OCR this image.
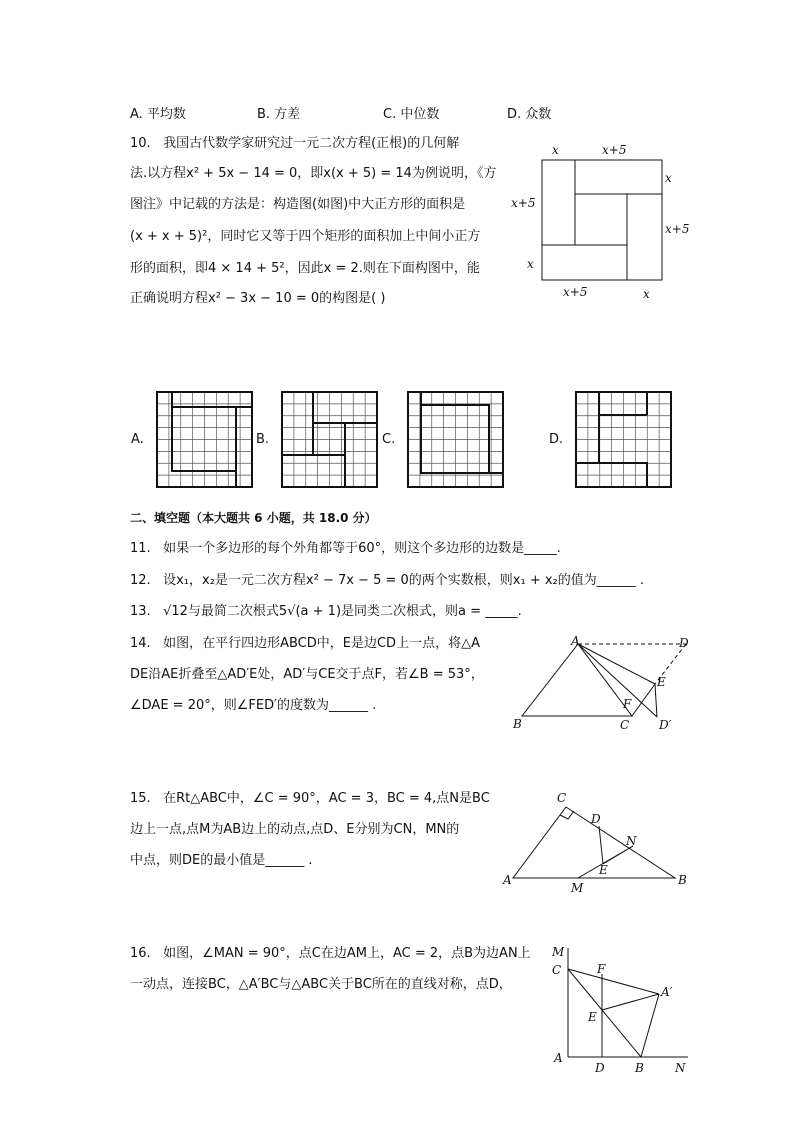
A. 平均数	B. 方差	C. 中位数	D. 众数
10. 我国古代数学家研究过一元二次方程(正根)的几何解
法.以方程x² + 5x − 14 = 0，即x(x + 5) = 14为例说明，《方
图注》中记载的方法是：构造图(如图)中大正方形的面积是
(x + x + 5)²，同时它又等于四个矩形的面积加上中间小正方
形的面积，即4 × 14 + 5²，因此x = 2.则在下面构图中，能
正确说明方程x² − 3x − 10 = 0的构图是( )
x	x+5
x
x+5
x+5
x
x+5	x
A.	B.	C.	D.
二、填空题（本大题共 6 小题，共 18.0 分）
11. 如果一个多边形的每个外角都等于60°，则这个多边形的边数是_____.
12. 设x₁，x₂是一元二次方程x² − 7x − 5 = 0的两个实数根，则x₁ + x₂的值为______ .
13. √12与最简二次根式5√(a + 1)是同类二次根式，则a = _____.
14. 如图，在平行四边形ABCD中，E是边CD上一点，将△A
DE沿AE折叠至△AD′E处，AD′与CE交于点F，若∠B = 53°，
∠DAE = 20°，则∠FED′的度数为______ .
A	D
E
F
B	C D′
15. 在Rt△ABC中，∠C = 90°，AC = 3，BC = 4,点N是BC
边上一点,点M为AB边上的动点,点D、E分别为CN，MN的
中点，则DE的最小值是______ .
C
D
N
E
A
M
B
16. 如图，∠MAN = 90°，点C在边AM上，AC = 2，点B为边AN上
一动点，连接BC，△A′BC与△ABC关于BC所在的直线对称，点D，
M
C	F
A′
E
A
D	B	N
